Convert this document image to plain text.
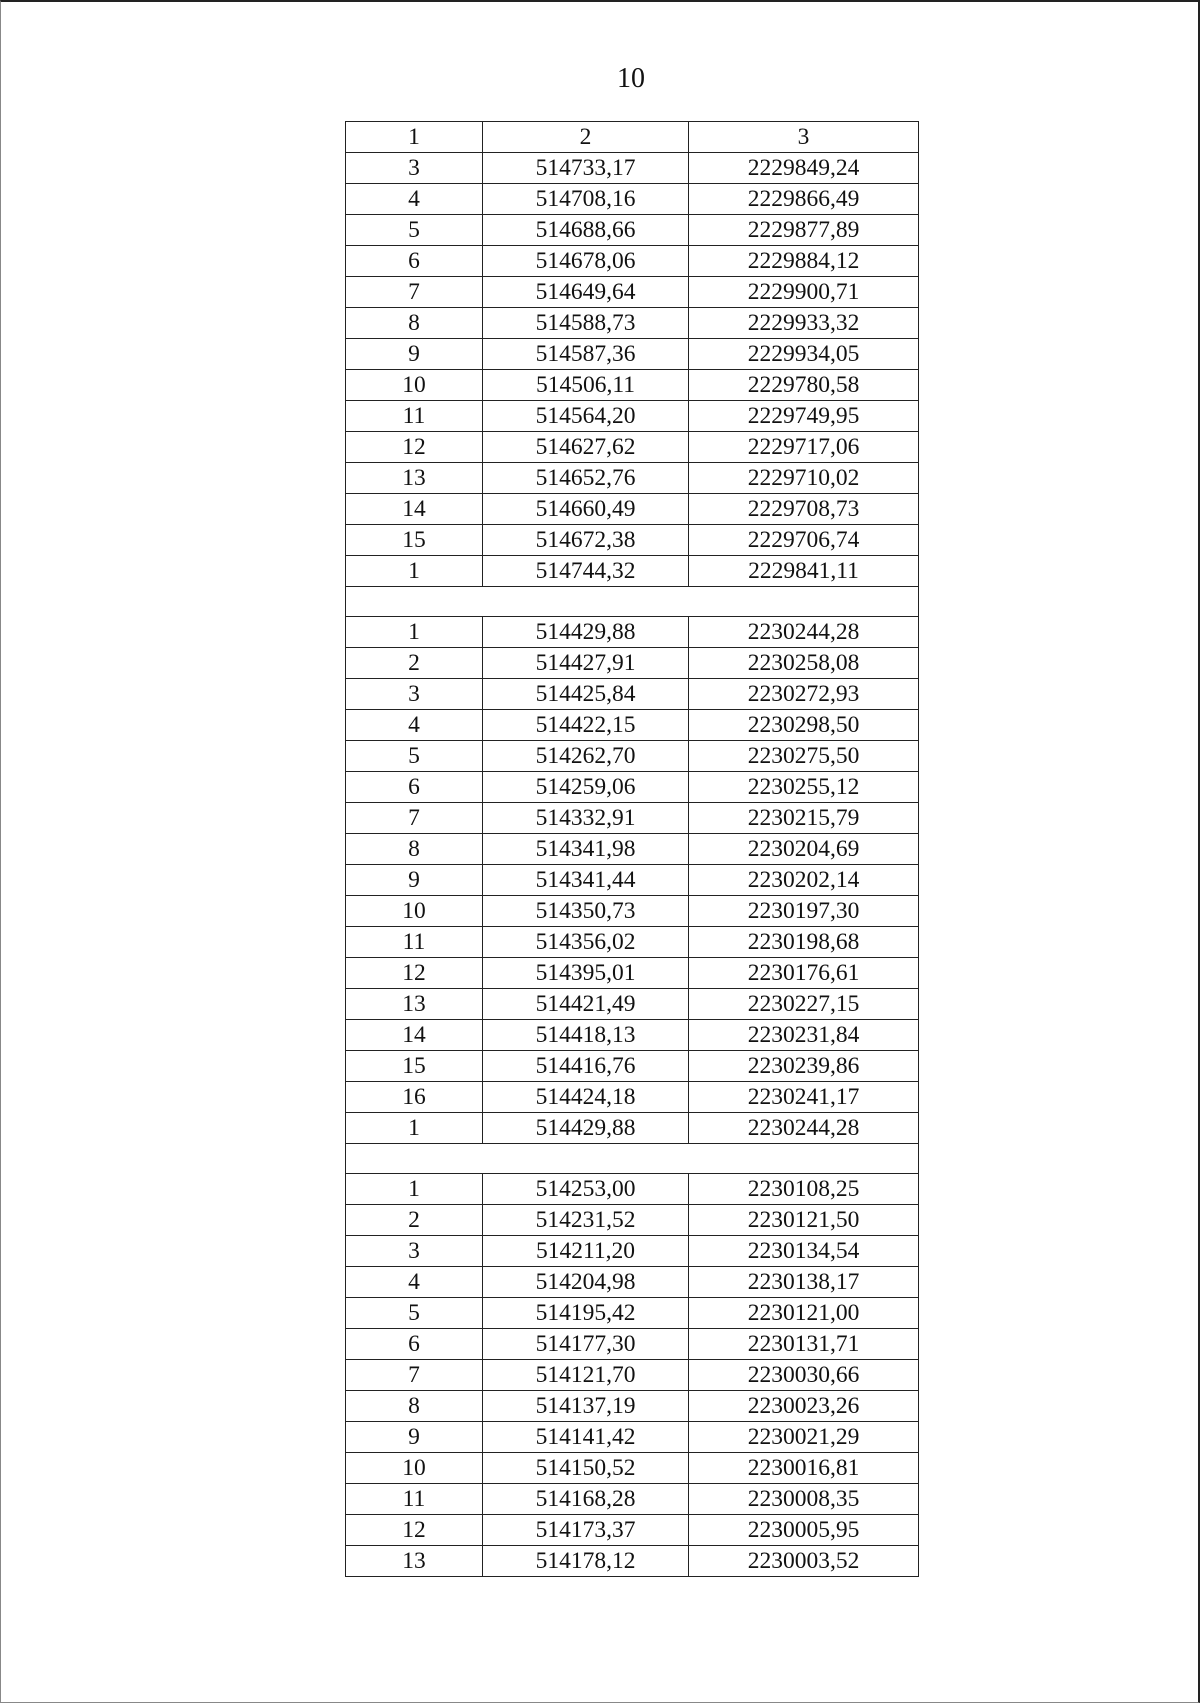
10
1	2	3
3	514733,17	2229849,24
4	514708,16	2229866,49
5	514688,66	2229877,89
6	514678,06	2229884,12
7	514649,64	2229900,71
8	514588,73	2229933,32
9	514587,36	2229934,05
10	514506,11	2229780,58
11	514564,20	2229749,95
12	514627,62	2229717,06
13	514652,76	2229710,02
14	514660,49	2229708,73
15	514672,38	2229706,74
1	514744,32	2229841,11

1	514429,88	2230244,28
2	514427,91	2230258,08
3	514425,84	2230272,93
4	514422,15	2230298,50
5	514262,70	2230275,50
6	514259,06	2230255,12
7	514332,91	2230215,79
8	514341,98	2230204,69
9	514341,44	2230202,14
10	514350,73	2230197,30
11	514356,02	2230198,68
12	514395,01	2230176,61
13	514421,49	2230227,15
14	514418,13	2230231,84
15	514416,76	2230239,86
16	514424,18	2230241,17
1	514429,88	2230244,28

1	514253,00	2230108,25
2	514231,52	2230121,50
3	514211,20	2230134,54
4	514204,98	2230138,17
5	514195,42	2230121,00
6	514177,30	2230131,71
7	514121,70	2230030,66
8	514137,19	2230023,26
9	514141,42	2230021,29
10	514150,52	2230016,81
11	514168,28	2230008,35
12	514173,37	2230005,95
13	514178,12	2230003,52
